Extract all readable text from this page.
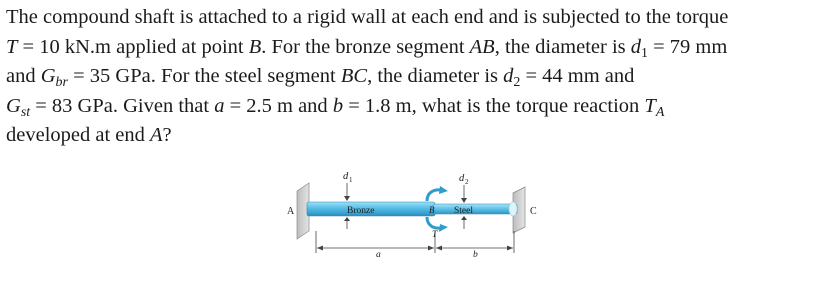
The compound shaft is attached to a rigid wall at each end and is subjected to the torque
T = 10 kN.m applied at point B. For the bronze segment AB, the diameter is $d_1 = 79$ mm
and $G_{br} = 35$ GPa. For the steel segment BC, the diameter is $d_2 = 44$ mm and
$G_{st} = 83$ GPa. Given that a = 2.5 m and b = 1.8 m, what is the torque reaction $T_A$
developed at end A?
d 1	d 2
A	Bronze	B Steel	C
T
a	b
